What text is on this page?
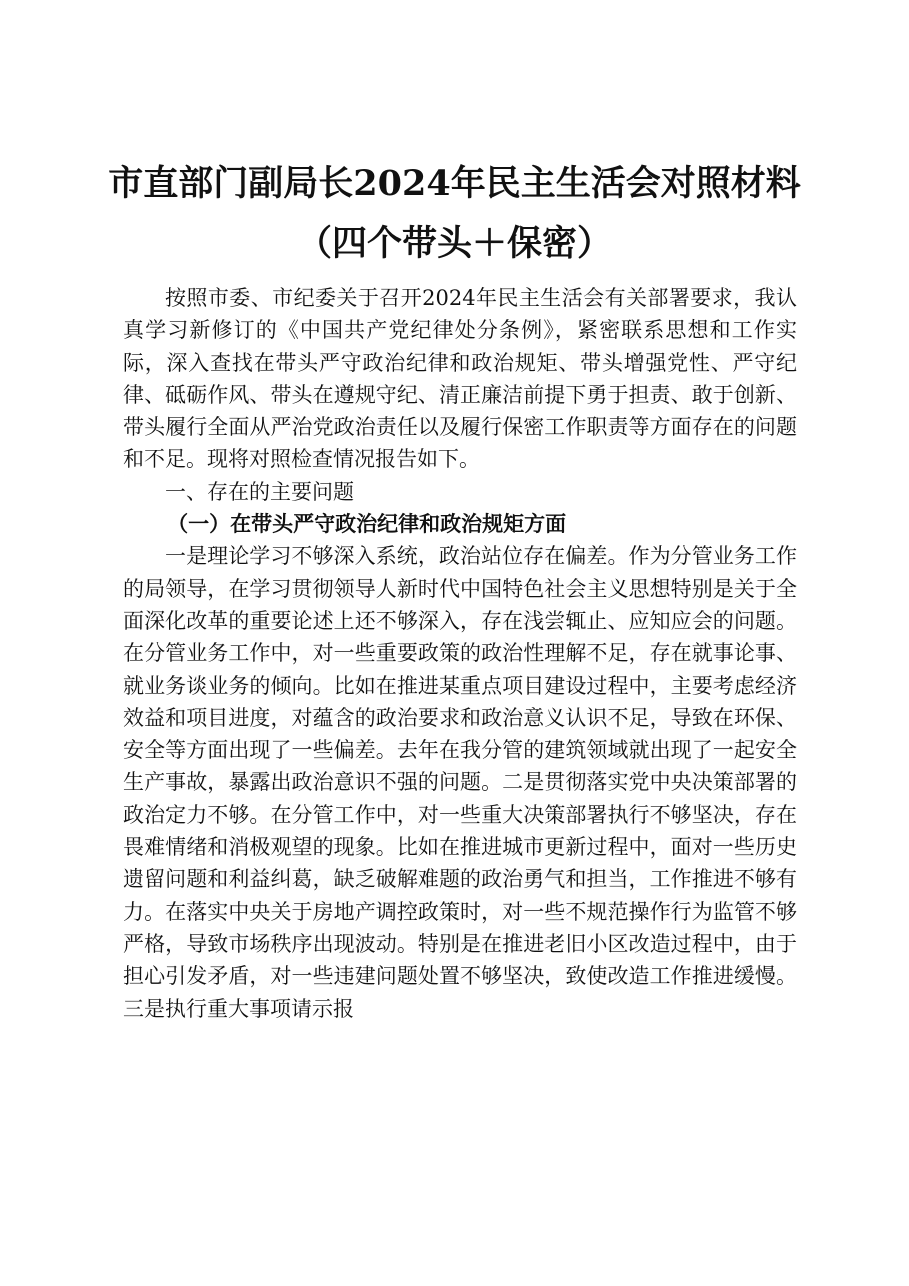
市直部门副局长2024年民主生活会对照材料
（四个带头＋保密）

按照市委、市纪委关于召开2024年民主生活会有关部署要求，我认真学习新修订的《中国共产党纪律处分条例》，紧密联系思想和工作实际，深入查找在带头严守政治纪律和政治规矩、带头增强党性、严守纪律、砥砺作风、带头在遵规守纪、清正廉洁前提下勇于担责、敢于创新、带头履行全面从严治党政治责任以及履行保密工作职责等方面存在的问题和不足。现将对照检查情况报告如下。

一、存在的主要问题

（一）在带头严守政治纪律和政治规矩方面

一是理论学习不够深入系统，政治站位存在偏差。作为分管业务工作的局领导，在学习贯彻领导人新时代中国特色社会主义思想特别是关于全面深化改革的重要论述上还不够深入，存在浅尝辄止、应知应会的问题。在分管业务工作中，对一些重要政策的政治性理解不足，存在就事论事、就业务谈业务的倾向。比如在推进某重点项目建设过程中，主要考虑经济效益和项目进度，对蕴含的政治要求和政治意义认识不足，导致在环保、安全等方面出现了一些偏差。去年在我分管的建筑领域就出现了一起安全生产事故，暴露出政治意识不强的问题。二是贯彻落实党中央决策部署的政治定力不够。在分管工作中，对一些重大决策部署执行不够坚决，存在畏难情绪和消极观望的现象。比如在推进城市更新过程中，面对一些历史遗留问题和利益纠葛，缺乏破解难题的政治勇气和担当，工作推进不够有力。在落实中央关于房地产调控政策时，对一些不规范操作行为监管不够严格，导致市场秩序出现波动。特别是在推进老旧小区改造过程中，由于担心引发矛盾，对一些违建问题处置不够坚决，致使改造工作推进缓慢。三是执行重大事项请示报
